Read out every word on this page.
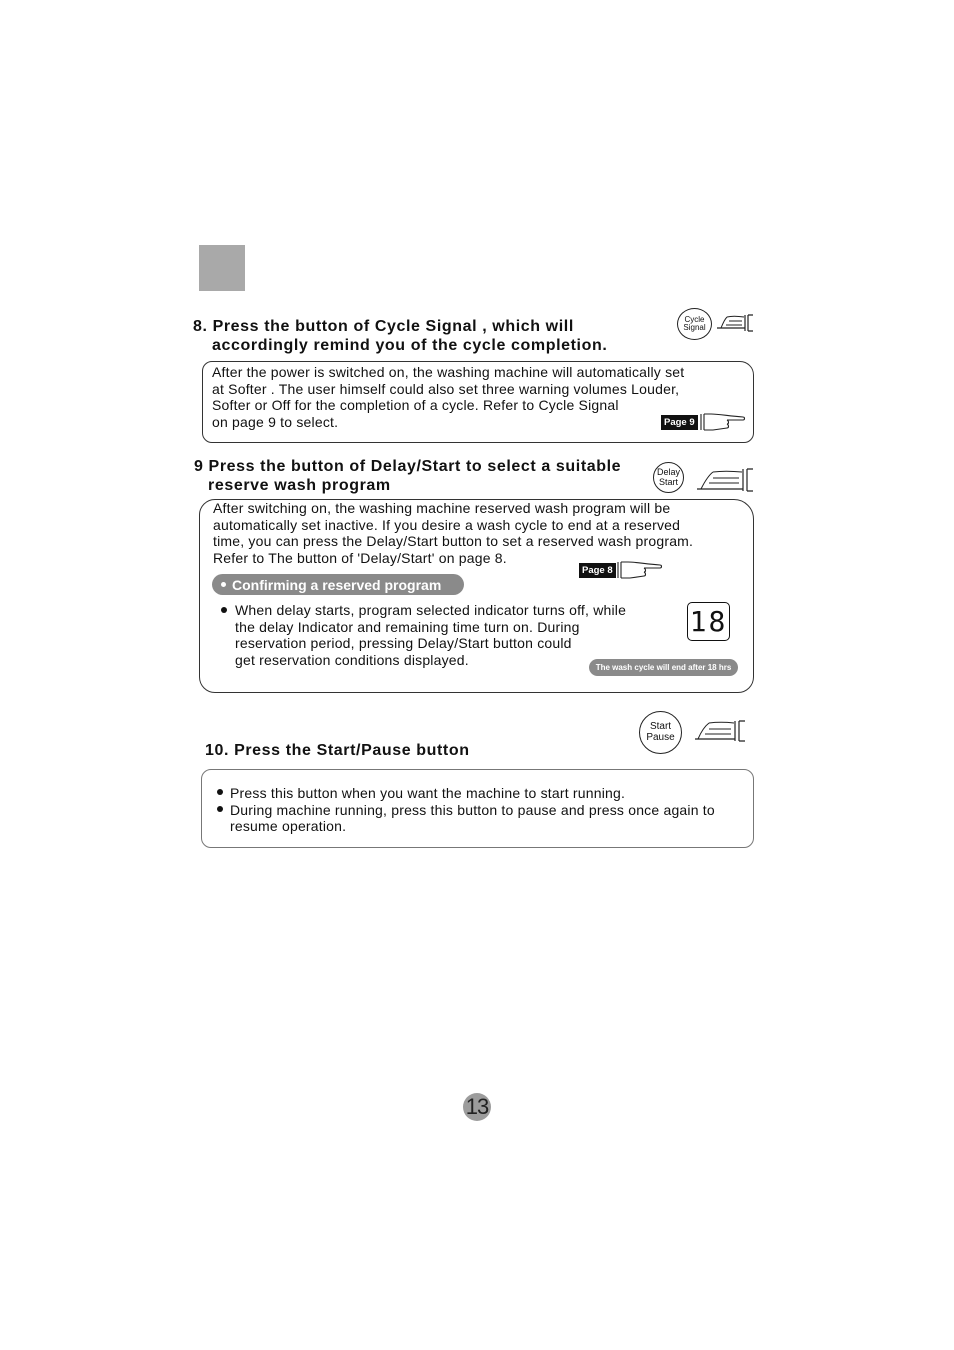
8. Press the button of Cycle Signal , which will
accordingly remind you of the cycle completion.
Cycle
Signal
After the power is switched on, the washing machine will automatically set
at Softer . The user himself could also set three warning volumes Louder,
Softer or Off for the completion of a cycle. Refer to Cycle Signal
on page 9 to select.	Page 9
9 Press the button of Delay/Start to select a suitable
reserve wash program
Delay
Start
After switching on, the washing machine reserved wash program will be
automatically set inactive. If you desire a wash cycle to end at a reserved
time, you can press the Delay/Start button to set a reserved wash program.
Refer to The button of 'Delay/Start' on page 8.
Page 8
Confirming a reserved program
When delay starts, program selected indicator turns off, while
the delay Indicator and remaining time turn on. During
reservation period, pressing Delay/Start button could
get reservation conditions displayed.
18
The wash cycle will end after 18 hrs
Start
Pause
10. Press the Start/Pause button
Press this button when you want the machine to start running.
During machine running, press this button to pause and press once again to
resume operation.
13
